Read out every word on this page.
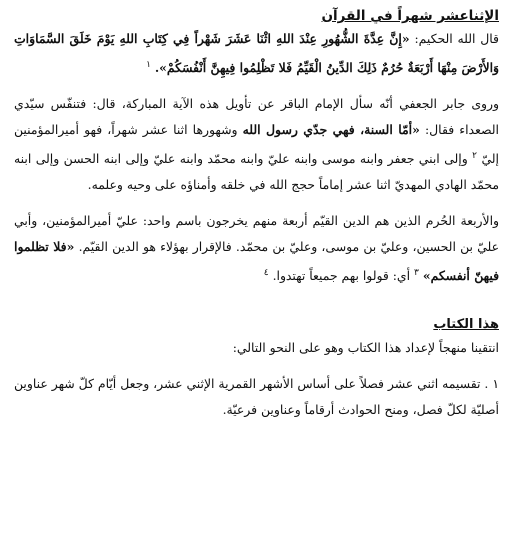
الإثناعشر شهراً في القرآن

قال الله الحكيم: «إِنَّ عِدَّةَ الشُّهُورِ عِنْدَ اللهِ اثْنَا عَشَرَ شَهْراً فِي كِتَابِ اللهِ يَوْمَ خَلَقَ السَّمَاوَاتِ وَالأَرْضَ مِنْهَا أَرْبَعَةٌ حُرُمٌ ذَلِكَ الدِّينُ الْقَيِّمُ فَلا تَظْلِمُوا فِيهِنَّ أَنْفُسَكُمْ». $^١$

وروى جابر الجعفي أنّه سأل الإمام الباقر عن تأويل هذه الآية المباركة، قال: فتنفّس سيّدي الصعداء فقال: «أمّا السنة، فهي جدّي رسول الله وشهورها اثنا عشر شهراً، فهو أميرالمؤمنين إليّ $^٢$ وإلى ابني جعفر وابنه موسى وابنه عليّ وابنه محمّد وابنه عليّ وإلى ابنه الحسن وإلى ابنه محمّد الهادي المهديّ اثنا عشر إماماً حجج الله في خلقه وأمناؤه على وحيه وعلمه.

والأربعة الحُرم الذين هم الدين القيّم أربعة منهم يخرجون باسم واحد: عليّ أميرالمؤمنين، وأبي عليّ بن الحسين، وعليّ بن موسى، وعليّ بن محمّد. فالإقرار بهؤلاء هو الدين القيّم. «فلا تظلموا فيهنّ أنفسكم» $^٣$ أي: قولوا بهم جميعاً تهتدوا. $^٤$

هذا الكتاب

انتقينا منهجاً لإعداد هذا الكتاب وهو على النحو التالي:

١ . تقسيمه اثني عشر فصلاً على أساس الأشهر القمرية الإثني عشر، وجعل أيّام كلّ شهر عناوين أصليّة لكلّ فصل، ومنح الحوادث أرقاماً وعناوين فرعيّة.
